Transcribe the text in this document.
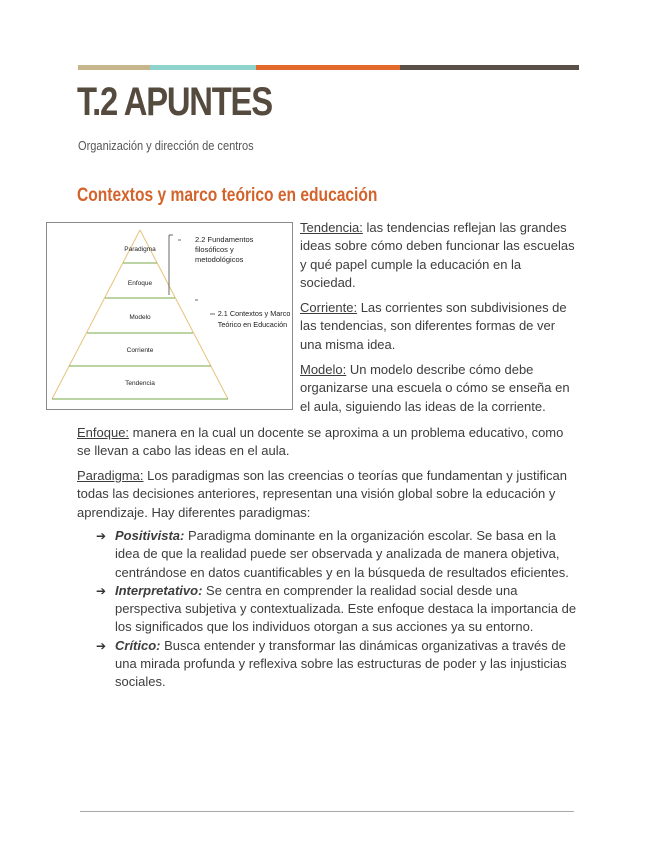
T.2 APUNTES
Organización y dirección de centros
Contextos y marco teórico en educación
Paradigma
Enfoque
Modelo
Corriente
Tendencia
2.2 Fundamentos filosóficos y metodológicos
2.1 Contextos y Marco Teórico en Educación

Tendencia: las tendencias reflejan las grandes ideas sobre cómo deben funcionar las escuelas y qué papel cumple la educación en la sociedad.

Corriente: Las corrientes son subdivisiones de las tendencias, son diferentes formas de ver una misma idea.

Modelo: Un modelo describe cómo debe organizarse una escuela o cómo se enseña en el aula, siguiendo las ideas de la corriente.

Enfoque: manera en la cual un docente se aproxima a un problema educativo, como se llevan a cabo las ideas en el aula.

Paradigma: Los paradigmas son las creencias o teorías que fundamentan y justifican todas las decisiones anteriores, representan una visión global sobre la educación y aprendizaje. Hay diferentes paradigmas:

➔ Positivista: Paradigma dominante en la organización escolar. Se basa en la idea de que la realidad puede ser observada y analizada de manera objetiva, centrándose en datos cuantificables y en la búsqueda de resultados eficientes.
➔ Interpretativo: Se centra en comprender la realidad social desde una perspectiva subjetiva y contextualizada. Este enfoque destaca la importancia de los significados que los individuos otorgan a sus acciones ya su entorno.
➔ Crítico: Busca entender y transformar las dinámicas organizativas a través de una mirada profunda y reflexiva sobre las estructuras de poder y las injusticias sociales.
